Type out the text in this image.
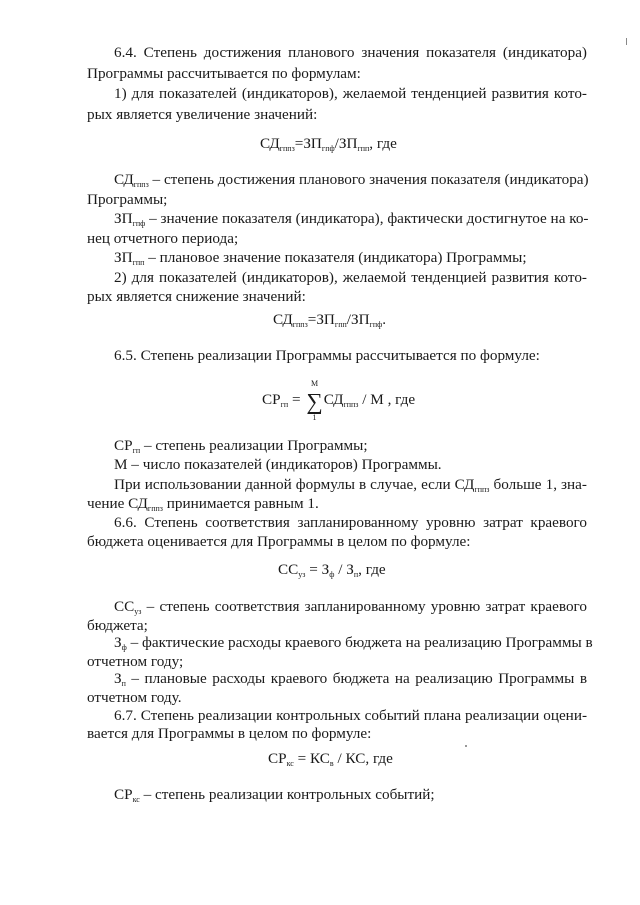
6.4. Степень достижения планового значения показателя (индикатора)
Программы рассчитывается по формулам:
1) для показателей (индикаторов), желаемой тенденцией развития кото-
рых является увеличение значений:
$СД_{гппз}=ЗП_{гпф}/ЗП_{гпп}$, где
$СД_{гппз}$ – степень достижения планового значения показателя (индикатора)
Программы;
$ЗП_{гпф}$ – значение показателя (индикатора), фактически достигнутое на ко-
нец отчетного периода;
$ЗП_{гпп}$ – плановое значение показателя (индикатора) Программы;
2) для показателей (индикаторов), желаемой тенденцией развития кото-
рых является снижение значений:
$СД_{гппз}=ЗП_{гпп}/ЗП_{гпф}$.
6.5. Степень реализации Программы рассчитывается по формуле:
$СР_{гп}$ =
М
∑
1
$СД_{гппз}$ / М , где
$СР_{гп}$ – степень реализации Программы;
М – число показателей (индикаторов) Программы.
При использовании данной формулы в случае, если $СД_{гппз}$ больше 1, зна-
чение $СД_{гппз}$ принимается равным 1.
6.6. Степень соответствия запланированному уровню затрат краевого
бюджета оценивается для Программы в целом по формуле:
$СС_{уз} = З_ф / З_п$, где
$СС_{уз}$ – степень соответствия запланированному уровню затрат краевого
бюджета;
$З_ф$ – фактические расходы краевого бюджета на реализацию Программы в
отчетном году;
$З_п$ – плановые расходы краевого бюджета на реализацию Программы в
отчетном году.
6.7. Степень реализации контрольных событий плана реализации оцени-
вается для Программы в целом по формуле:
$СР_{кс} = КС_в$ / КС, где
$СР_{кс}$ – степень реализации контрольных событий;
